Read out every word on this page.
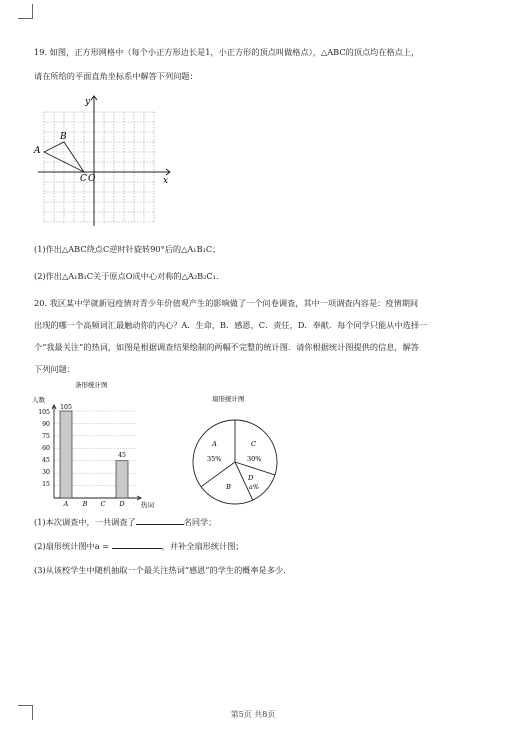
19. 如图，正方形网格中（每个小正方形边长是1，小正方形的顶点叫做格点），△ABC的顶点均在格点上，
请在所给的平面直角坐标系中解答下列问题：
y
x
A
B
C O
(1)作出△ABC绕点C逆时针旋转90°后的△A₁B₁C；
(2)作出△A₁B₁C关于原点O成中心对称的△A₂B₂C₁.
20. 我区某中学就新冠疫情对青少年价值观产生的影响做了一个问卷调查，其中一项调查内容是：疫情期间
出现的哪一个高频词汇最触动你的内心？A．生命，B．感恩，C．责任，D．奉献．每个同学只能从中选择一
个“我最关注”的热词，如图是根据调查结果绘制的两幅不完整的统计图．请你根据统计图提供的信息，解答
下列问题：
条形统计图
人数
105
90
75
60
45
30
15
A B C D
105
45
热词
扇形统计图
A
35%
C
30%
D
a%
B
(1)本次调查中，一共调查了	名同学；
(2)扇形统计图中a =	，并补全扇形统计图；
(3)从该校学生中随机抽取一个最关注热词“感恩”的学生的概率是多少．
第5页 共8页
